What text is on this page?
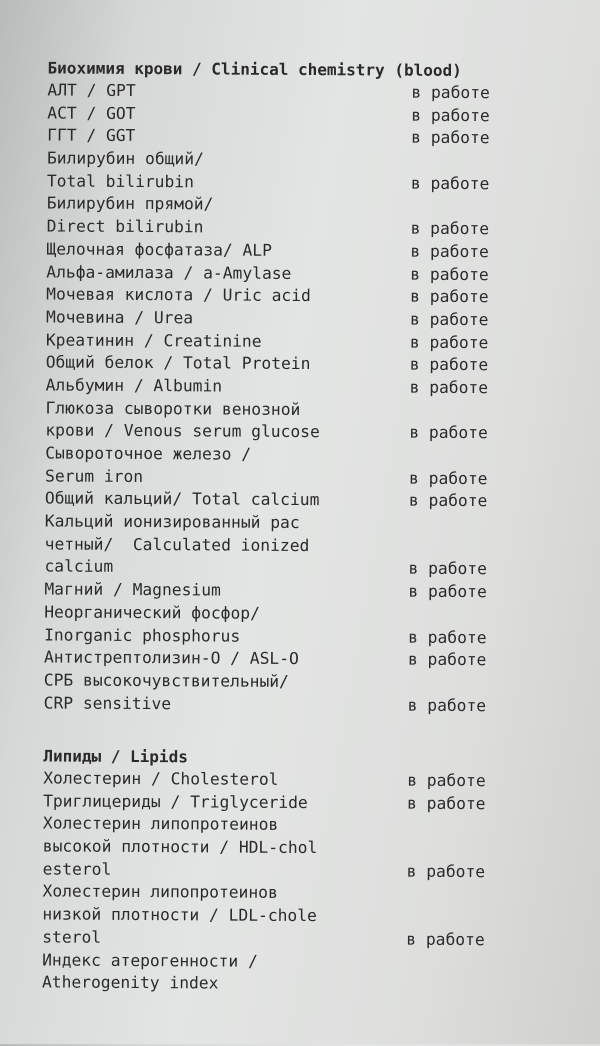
Биохимия крови / Clinical chemistry (blood)
АЛТ / GPT	в работе
АСТ / GOT	в работе
ГГТ / GGT	в работе
Билирубин общий/
Total bilirubin	в работе
Билирубин прямой/
Direct bilirubin	в работе
Щелочная фосфатаза/ ALP	в работе
Альфа-амилаза / a-Amylase	в работе
Мочевая кислота / Uric acid	в работе
Мочевина / Urea	в работе
Креатинин / Creatinine	в работе
Общий белок / Total Protein	в работе
Альбумин / Albumin	в работе
Глюкоза сыворотки венозной
крови / Venous serum glucose	в работе
Сывороточное железо /
Serum iron	в работе
Общий кальций/ Total calcium	в работе
Кальций ионизированный рас
четный/  Calculated ionized
calcium	в работе
Магний / Magnesium	в работе
Неорганический фосфор/
Inorganic phosphorus	в работе
Антистрептолизин-О / ASL-O	в работе
СРБ высокочувствительный/
CRP sensitive	в работе
Липиды / Lipids
Холестерин / Cholesterol	в работе
Триглицериды / Triglyceride	в работе
Холестерин липопротеинов
высокой плотности / HDL-chol
esterol	в работе
Холестерин липопротеинов
низкой плотности / LDL-chole
sterol	в работе
Индекс атерогенности /
Atherogenity index
